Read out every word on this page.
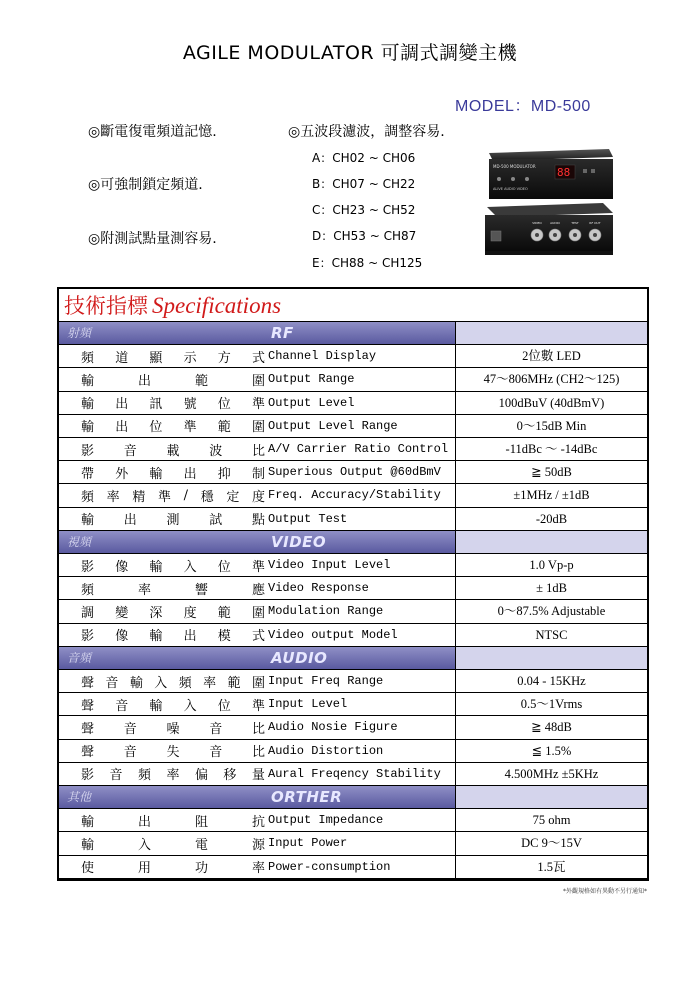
AGILE MODULATOR 可調式調變主機
MODEL：MD-500
◎斷電復電頻道記憶.
◎可強制鎖定頻道.
◎附測試點量測容易.
◎五波段濾波，調整容易.
A：CH02 ~ CH06
B：CH07 ~ CH22
C：CH23 ~ CH52
D：CH53 ~ CH87
E：CH88 ~ CH125
MD-500 MODULATOR 88
ALIVE AUDIO VIDEO
VIDEO	AUDIO	TEST	RF OUT
技術指標 Specifications
射頻	RF
頻 道 顯 示 方 式 Channel Display	2位數 LED
輸	出	範	圍 Output Range	47～806MHz (CH2～125)
輸 出 訊 號 位 準 Output Level	100dBuV (40dBmV)
輸 出 位 準 範 圍 Output Level Range	0～15dB Min
影 音 載 波 比 A/V Carrier Ratio Control	-11dBc ～ -14dBc
帶 外 輸 出 抑 制 Superious Output @60dBmV	≧ 50dB
頻 率 精 準 / 穩 定 度 Freq. Accuracy/Stability	±1MHz / ±1dB
輸 出 測 試 點 Output Test	-20dB
視頻	VIDEO
影 像 輸 入 位 準 Video Input Level	1.0 Vp-p
頻	率	響	應 Video Response	± 1dB
調 變 深 度 範 圍 Modulation Range	0～87.5% Adjustable
影 像 輸 出 模 式 Video output Model	NTSC
音頻	AUDIO
聲 音 輸 入 頻 率 範 圍 Input Freq Range	0.04 - 15KHz
聲 音 輸 入 位 準 Input Level	0.5～1Vrms
聲 音 噪 音 比 Audio Nosie Figure	≧ 48dB
聲 音 失 音 比 Audio Distortion	≦ 1.5%
影 音 頻 率 偏 移 量 Aural Freqency Stability	4.500MHz ±5KHz
其他	ORTHER
輸	出	阻	抗 Output Impedance	75 ohm
輸	入	電	源 Input Power	DC 9～15V
使	用	功	率 Power-consumption	1.5瓦
*外觀規格如有異動不另行通知*
